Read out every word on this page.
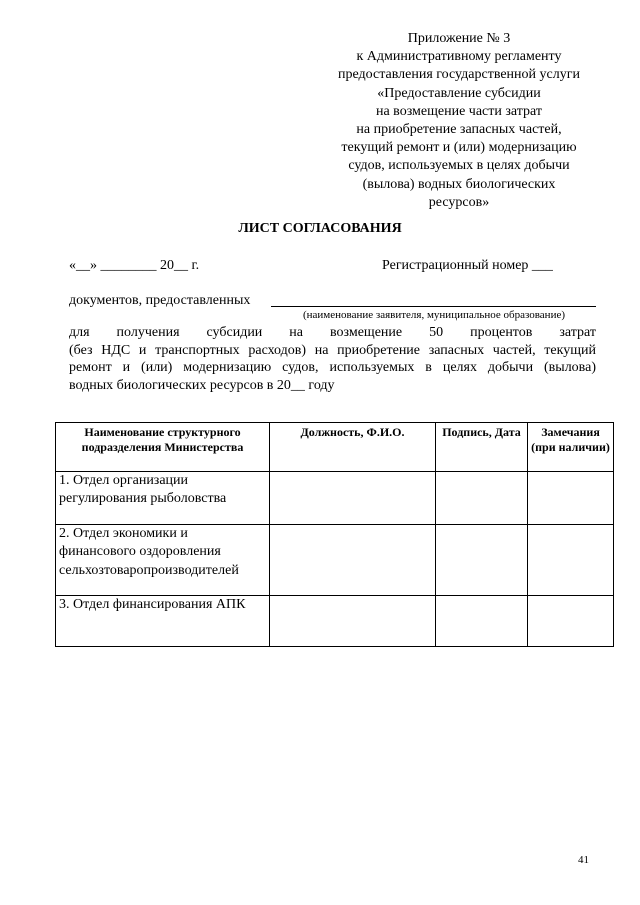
Приложение № 3
к Административному регламенту
предоставления государственной услуги
«Предоставление субсидии
на возмещение части затрат
на приобретение запасных частей,
текущий ремонт и (или) модернизацию
судов, используемых в целях добычи
(вылова) водных биологических
ресурсов»
ЛИСТ СОГЛАСОВАНИЯ
«__» ________ 20__ г.	Регистрационный номер ___
документов, предоставленных
(наименование заявителя, муниципальное образование)
для получения субсидии на возмещение 50 процентов затрат
(без НДС и транспортных расходов) на приобретение запасных частей, текущий
ремонт и (или) модернизацию судов, используемых в целях добычи (вылова)
водных биологических ресурсов в 20__ году
Наименование структурного подразделения Министерства	Должность, Ф.И.О.	Подпись, Дата	Замечания (при наличии)
1. Отдел организации регулирования рыболовства			
2. Отдел экономики и финансового оздоровления сельхозтоваропроизводителей			
3. Отдел финансирования АПК			
41
